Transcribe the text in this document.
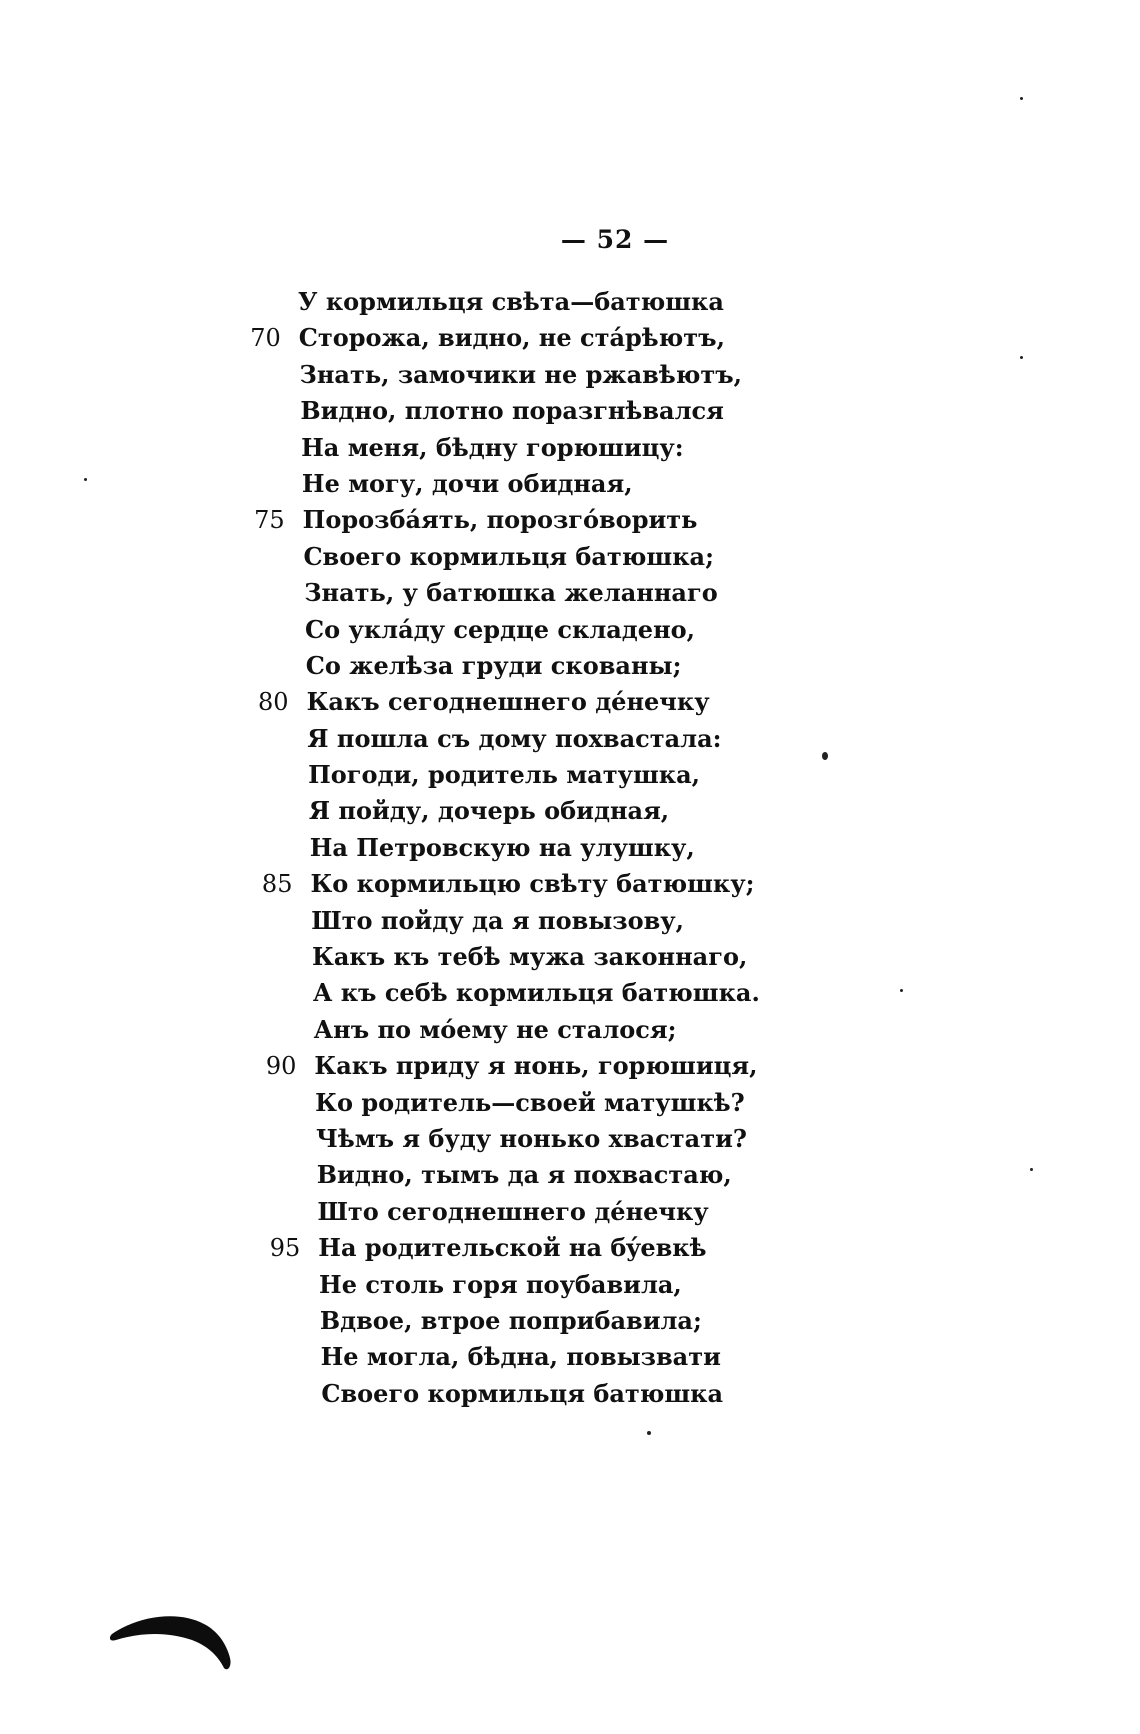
— 52 —
У кормильця свѣта—батюшка
70 Сторожа, видно, не стáрѣютъ,
Знать, замочики не ржавѣютъ,
Видно, плотно поразгнѣвался
На меня, бѣдну горюшицу:
Не могу, дочи обидная,
75 Порозбáять, порозгóворить
Своего кормильця батюшка;
Знать, у батюшка желаннаго
Со уклáду сердце складено,
Со желѣза груди скованы;
80 Какъ сегоднешнего дéнечку
Я пошла съ дому похвастала:
Погоди, родитель матушка,
Я пойду, дочерь обидная,
На Петровскую на улушку,
85 Ко кормильцю свѣту батюшку;
Што пойду да я повызову,
Какъ къ тебѣ мужа законнаго,
А къ себѣ кормильця батюшка.
Анъ по мóему не сталося;
90 Какъ приду я нонь, горюшиця,
Ко родитель—своей матушкѣ?
Чѣмъ я буду нонько хвастати?
Видно, тымъ да я похвастаю,
Што сегоднешнего дéнечку
95 На родительской на бýевкѣ
Не столь горя поубавила,
Вдвое, втрое поприбавила;
Не могла, бѣдна, повызвати
Своего кормильця батюшка
